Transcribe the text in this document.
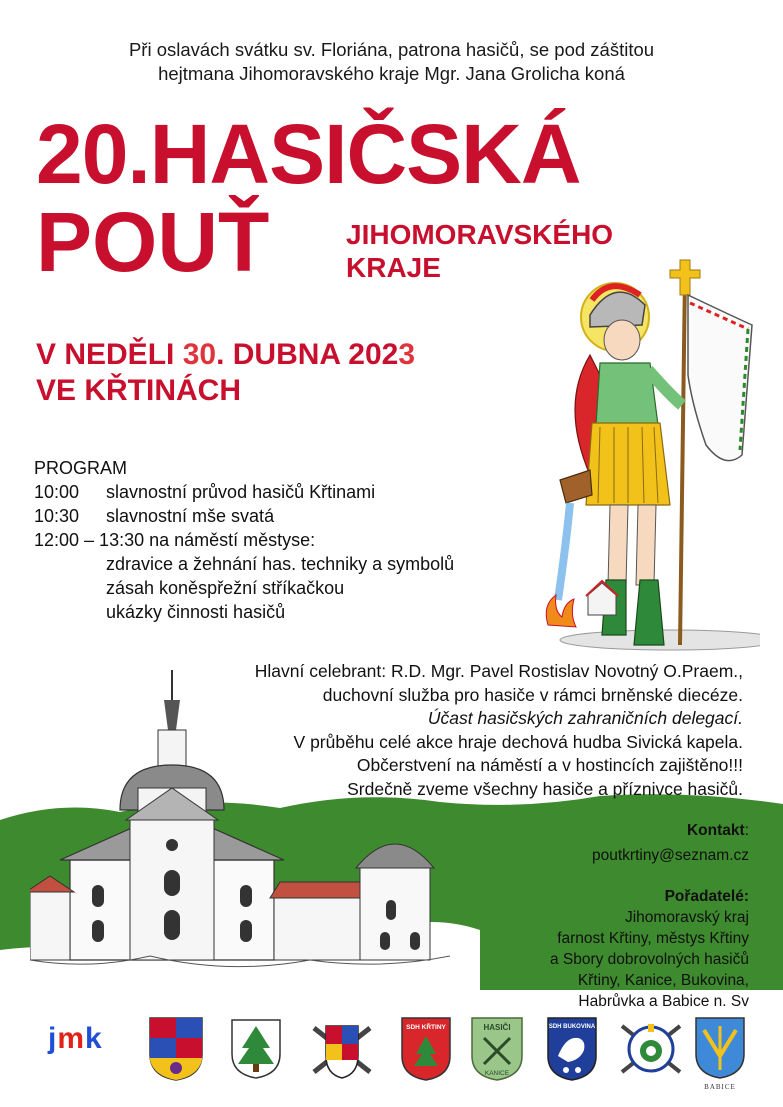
Při oslavách svátku sv. Floriána, patrona hasičů, se pod záštitou
hejtmana Jihomoravského kraje Mgr. Jana Grolicha koná
20.HASIČSKÁ
POUŤ	JIHOMORAVSKÉHO
KRAJE
V NEDĚLI 30. DUBNA 2023
VE KŘTINÁCH
PROGRAM
10:00	slavnostní průvod hasičů Křtinami
10:30	slavnostní mše svatá
12:00 – 13:30 na náměstí městyse:
zdravice a žehnání has. techniky a symbolů
zásah koněspřežní stříkačkou
ukázky činnosti hasičů
Hlavní celebrant: R.D. Mgr. Pavel Rostislav Novotný O.Praem.,
duchovní služba pro hasiče v rámci brněnské diecéze.
Účast hasičských zahraničních delegací.
V průběhu celé akce hraje dechová hudba Sivická kapela.
Občerstvení na náměstí a v hostincích zajištěno!!!
Srdečně zveme všechny hasiče a příznivce hasičů.
Kontakt:
poutkrtiny@seznam.cz
Pořadatelé:
Jihomoravský kraj
farnost Křtiny, městys Křtiny
a Sbory dobrovolných hasičů
Křtiny, Kanice, Bukovina,
Habrůvka a Babice n. Sv
jmk	SDH KŘTINY	HASIČI
KANICE
SDH BUKOVINA
BABICE
